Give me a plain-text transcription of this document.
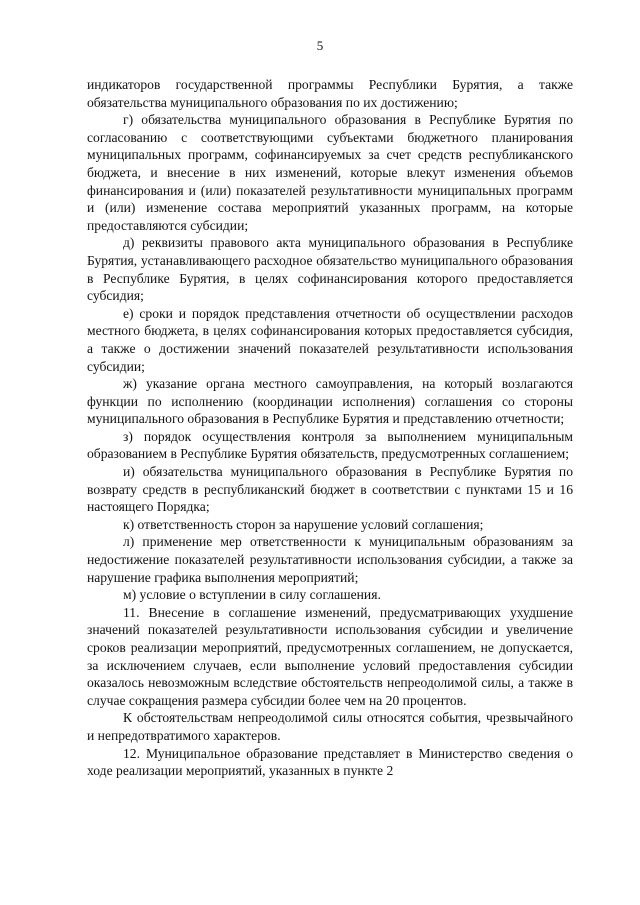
5

индикаторов государственной программы Республики Бурятия, а также обязательства муниципального образования по их достижению;

г) обязательства муниципального образования в Республике Бурятия по согласованию с соответствующими субъектами бюджетного планирования муниципальных программ, софинансируемых за счет средств республиканского бюджета, и внесение в них изменений, которые влекут изменения объемов финансирования и (или) показателей результативности муниципальных программ и (или) изменение состава мероприятий указанных программ, на которые предоставляются субсидии;

д) реквизиты правового акта муниципального образования в Республике Бурятия, устанавливающего расходное обязательство муниципального образования в Республике Бурятия, в целях софинансирования которого предоставляется субсидия;

е) сроки и порядок представления отчетности об осуществлении расходов местного бюджета, в целях софинансирования которых предоставляется субсидия, а также о достижении значений показателей результативности использования субсидии;

ж) указание органа местного самоуправления, на который возлагаются функции по исполнению (координации исполнения) соглашения со стороны муниципального образования в Республике Бурятия и представлению отчетности;

з) порядок осуществления контроля за выполнением муниципальным образованием в Республике Бурятия обязательств, предусмотренных соглашением;

и) обязательства муниципального образования в Республике Бурятия по возврату средств в республиканский бюджет в соответствии с пунктами 15 и 16 настоящего Порядка;

к) ответственность сторон за нарушение условий соглашения;

л) применение мер ответственности к муниципальным образованиям за недостижение показателей результативности использования субсидии, а также за нарушение графика выполнения мероприятий;

м) условие о вступлении в силу соглашения.

11. Внесение в соглашение изменений, предусматривающих ухудшение значений показателей результативности использования субсидии и увеличение сроков реализации мероприятий, предусмотренных соглашением, не допускается, за исключением случаев, если выполнение условий предоставления субсидии оказалось невозможным вследствие обстоятельств непреодолимой силы, а также в случае сокращения размера субсидии более чем на 20 процентов.

К обстоятельствам непреодолимой силы относятся события, чрезвычайного и непредотвратимого характеров.

12. Муниципальное образование представляет в Министерство сведения о ходе реализации мероприятий, указанных в пункте 2
